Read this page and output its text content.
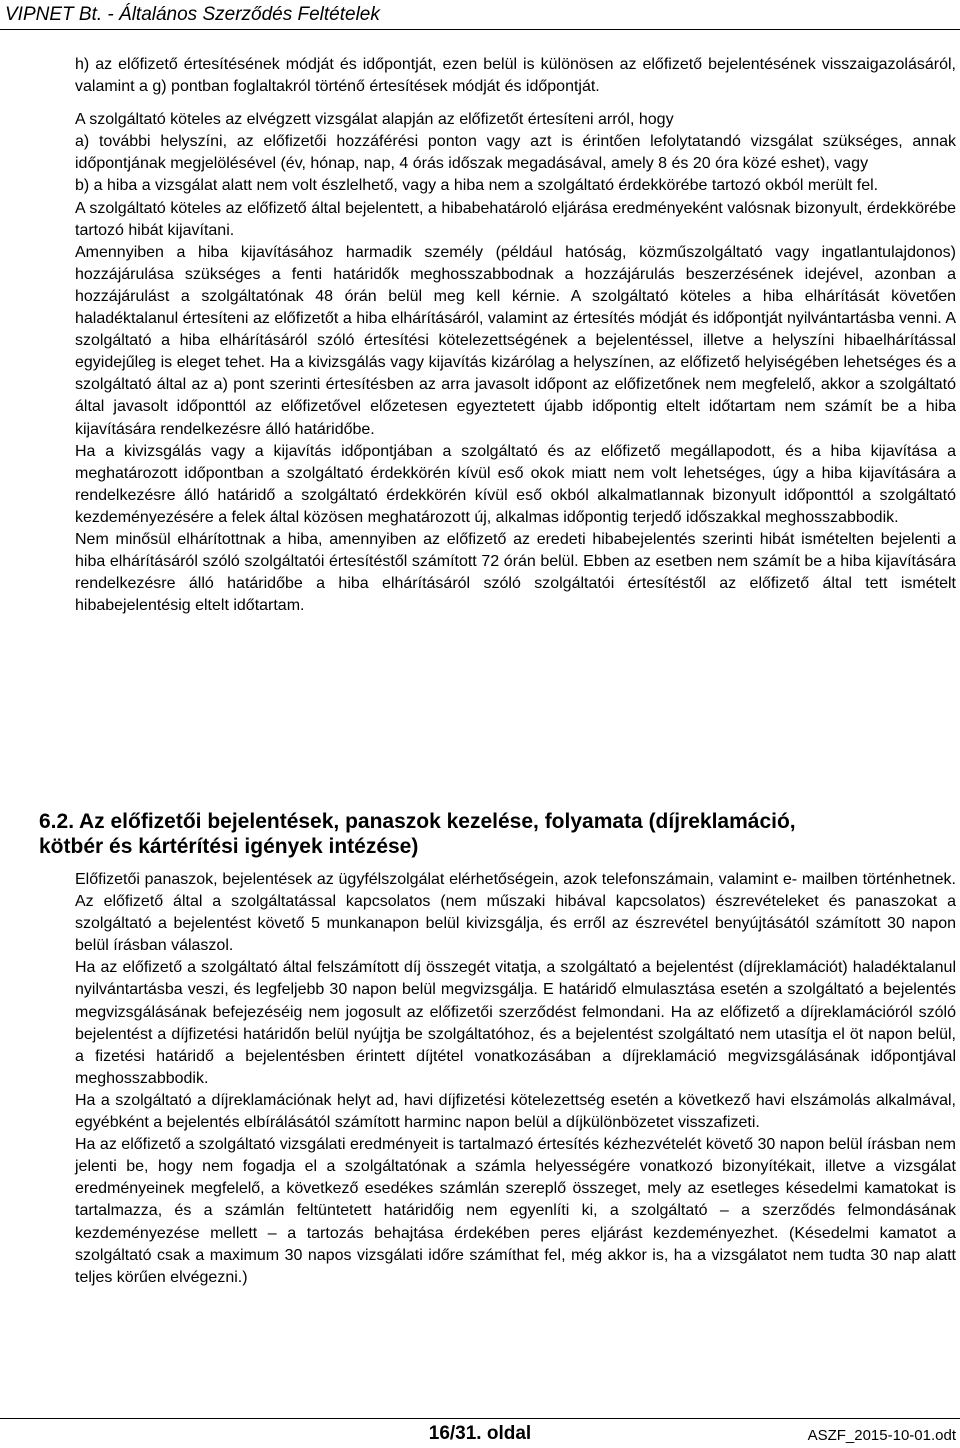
VIPNET Bt. - Általános Szerződés Feltételek

h) az előfizető értesítésének módját és időpontját, ezen belül is különösen az előfizető bejelentésének visszaigazolásáról, valamint a g) pontban foglaltakról történő értesítések módját és időpontját.

A szolgáltató köteles az elvégzett vizsgálat alapján az előfizetőt értesíteni arról, hogy

a) további helyszíni, az előfizetői hozzáférési ponton vagy azt is érintően lefolytatandó vizsgálat szükséges, annak időpontjának megjelölésével (év, hónap, nap, 4 órás időszak megadásával, amely 8 és 20 óra közé eshet), vagy

b) a hiba a vizsgálat alatt nem volt észlelhető, vagy a hiba nem a szolgáltató érdekkörébe tartozó okból merült fel.

A szolgáltató köteles az előfizető által bejelentett, a hibabehatároló eljárása eredményeként valósnak bizonyult, érdekkörébe tartozó hibát kijavítani.

Amennyiben a hiba kijavításához harmadik személy (például hatóság, közműszolgáltató vagy ingatlantulajdonos) hozzájárulása szükséges a fenti határidők meghosszabbodnak a hozzájárulás beszerzésének idejével, azonban a hozzájárulást a szolgáltatónak 48 órán belül meg kell kérnie. A szolgáltató köteles a hiba elhárítását követően haladéktalanul értesíteni az előfizetőt a hiba elhárításáról, valamint az értesítés módját és időpontját nyilvántartásba venni. A szolgáltató a hiba elhárításáról szóló értesítési kötelezettségének a bejelentéssel, illetve a helyszíni hibaelhárítással egyidejűleg is eleget tehet. Ha a kivizsgálás vagy kijavítás kizárólag a helyszínen, az előfizető helyiségében lehetséges és a szolgáltató által az a) pont szerinti értesítésben az arra javasolt időpont az előfizetőnek nem megfelelő, akkor a szolgáltató által javasolt időponttól az előfizetővel előzetesen egyeztetett újabb időpontig eltelt időtartam nem számít be a hiba kijavítására rendelkezésre álló határidőbe.

Ha a kivizsgálás vagy a kijavítás időpontjában a szolgáltató és az előfizető megállapodott, és a hiba kijavítása a meghatározott időpontban a szolgáltató érdekkörén kívül eső okok miatt nem volt lehetséges, úgy a hiba kijavítására a rendelkezésre álló határidő a szolgáltató érdekkörén kívül eső okból alkalmatlannak bizonyult időponttól a szolgáltató kezdeményezésére a felek által közösen meghatározott új, alkalmas időpontig terjedő időszakkal meghosszabbodik.

Nem minősül elhárítottnak a hiba, amennyiben az előfizető az eredeti hibabejelentés szerinti hibát ismételten bejelenti a hiba elhárításáról szóló szolgáltatói értesítéstől számított 72 órán belül. Ebben az esetben nem számít be a hiba kijavítására rendelkezésre álló határidőbe a hiba elhárításáról szóló szolgáltatói értesítéstől az előfizető által tett ismételt hibabejelentésig eltelt időtartam.

6.2. Az előfizetői bejelentések, panaszok kezelése, folyamata (díjreklamáció,
kötbér és kártérítési igények intézése)

Előfizetői panaszok, bejelentések az ügyfélszolgálat elérhetőségein, azok telefonszámain, valamint e- mailben történhetnek. Az előfizető által a szolgáltatással kapcsolatos (nem műszaki hibával kapcsolatos) észrevételeket és panaszokat a szolgáltató a bejelentést követő 5 munkanapon belül kivizsgálja, és erről az észrevétel benyújtásától számított 30 napon belül írásban válaszol.

Ha az előfizető a szolgáltató által felszámított díj összegét vitatja, a szolgáltató a bejelentést (díjreklamációt) haladéktalanul nyilvántartásba veszi, és legfeljebb 30 napon belül megvizsgálja. E határidő elmulasztása esetén a szolgáltató a bejelentés megvizsgálásának befejezéséig nem jogosult az előfizetői szerződést felmondani. Ha az előfizető a díjreklamációról szóló bejelentést a díjfizetési határidőn belül nyújtja be szolgáltatóhoz, és a bejelentést szolgáltató nem utasítja el öt napon belül, a fizetési határidő a bejelentésben érintett díjtétel vonatkozásában a díjreklamáció megvizsgálásának időpontjával meghosszabbodik.

Ha a szolgáltató a díjreklamációnak helyt ad, havi díjfizetési kötelezettség esetén a következő havi elszámolás alkalmával, egyébként a bejelentés elbírálásától számított harminc napon belül a díjkülönbözetet visszafizeti.

Ha az előfizető a szolgáltató vizsgálati eredményeit is tartalmazó értesítés kézhezvételét követő 30 napon belül írásban nem jelenti be, hogy nem fogadja el a szolgáltatónak a számla helyességére vonatkozó bizonyítékait, illetve a vizsgálat eredményeinek megfelelő, a következő esedékes számlán szereplő összeget, mely az esetleges késedelmi kamatokat is tartalmazza, és a számlán feltüntetett határidőig nem egyenlíti ki, a szolgáltató – a szerződés felmondásának kezdeményezése mellett – a tartozás behajtása érdekében peres eljárást kezdeményezhet. (Késedelmi kamatot a szolgáltató csak a maximum 30 napos vizsgálati időre számíthat fel, még akkor is, ha a vizsgálatot nem tudta 30 nap alatt teljes körűen elvégezni.)

16/31. oldal	ASZF_2015-10-01.odt
